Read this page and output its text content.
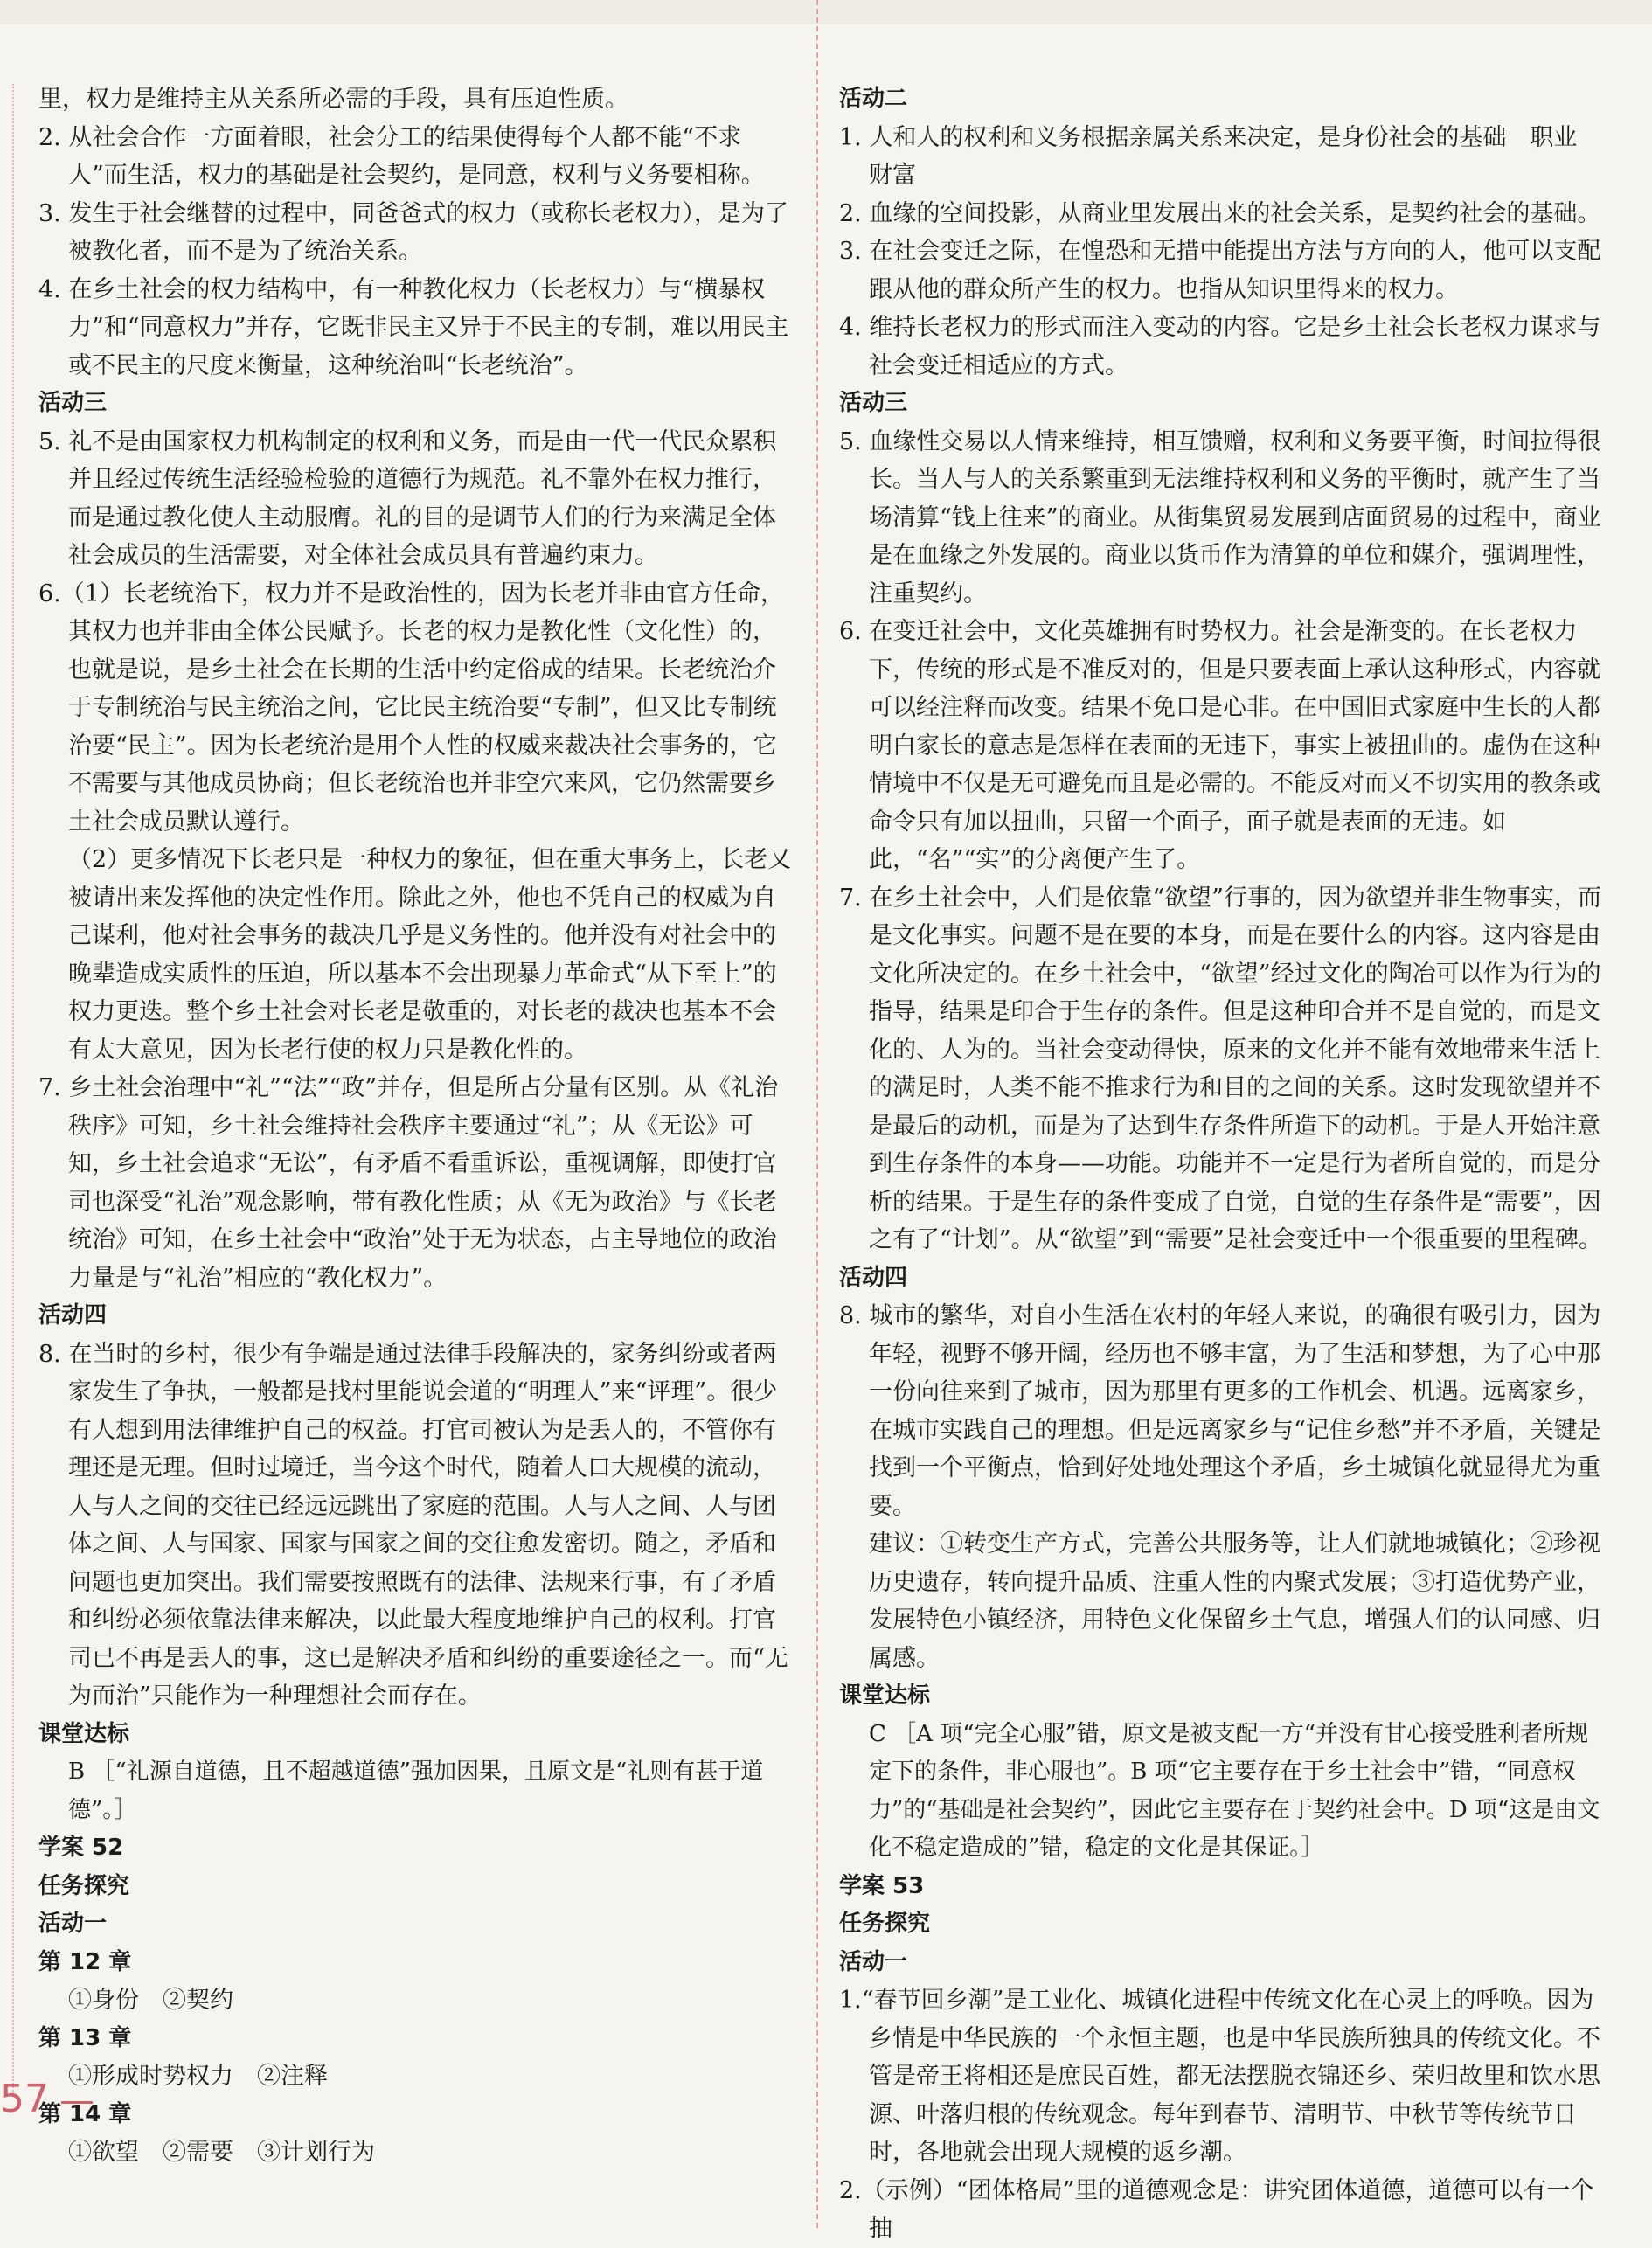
里，权力是维持主从关系所必需的手段，具有压迫性质。

2. 从社会合作一方面着眼，社会分工的结果使得每个人都不能“不求人”而生活，权力的基础是社会契约，是同意，权利与义务要相称。

3. 发生于社会继替的过程中，同爸爸式的权力（或称长老权力），是为了被教化者，而不是为了统治关系。

4. 在乡土社会的权力结构中，有一种教化权力（长老权力）与“横暴权力”和“同意权力”并存，它既非民主又异于不民主的专制，难以用民主或不民主的尺度来衡量，这种统治叫“长老统治”。

活动三

5. 礼不是由国家权力机构制定的权利和义务，而是由一代一代民众累积并且经过传统生活经验检验的道德行为规范。礼不靠外在权力推行，而是通过教化使人主动服膺。礼的目的是调节人们的行为来满足全体社会成员的生活需要，对全体社会成员具有普遍约束力。

6.（1）长老统治下，权力并不是政治性的，因为长老并非由官方任命，其权力也并非由全体公民赋予。长老的权力是教化性（文化性）的，也就是说，是乡土社会在长期的生活中约定俗成的结果。长老统治介于专制统治与民主统治之间，它比民主统治要“专制”，但又比专制统治要“民主”。因为长老统治是用个人性的权威来裁决社会事务的，它不需要与其他成员协商；但长老统治也并非空穴来风，它仍然需要乡土社会成员默认遵行。

（2）更多情况下长老只是一种权力的象征，但在重大事务上，长老又被请出来发挥他的决定性作用。除此之外，他也不凭自己的权威为自己谋利，他对社会事务的裁决几乎是义务性的。他并没有对社会中的晚辈造成实质性的压迫，所以基本不会出现暴力革命式“从下至上”的权力更迭。整个乡土社会对长老是敬重的，对长老的裁决也基本不会有太大意见，因为长老行使的权力只是教化性的。

7. 乡土社会治理中“礼”“法”“政”并存，但是所占分量有区别。从《礼治秩序》可知，乡土社会维持社会秩序主要通过“礼”；从《无讼》可知，乡土社会追求“无讼”，有矛盾不看重诉讼，重视调解，即使打官司也深受“礼治”观念影响，带有教化性质；从《无为政治》与《长老统治》可知，在乡土社会中“政治”处于无为状态，占主导地位的政治力量是与“礼治”相应的“教化权力”。

活动四

8. 在当时的乡村，很少有争端是通过法律手段解决的，家务纠纷或者两家发生了争执，一般都是找村里能说会道的“明理人”来“评理”。很少有人想到用法律维护自己的权益。打官司被认为是丢人的，不管你有理还是无理。但时过境迁，当今这个时代，随着人口大规模的流动，人与人之间的交往已经远远跳出了家庭的范围。人与人之间、人与团体之间、人与国家、国家与国家之间的交往愈发密切。随之，矛盾和问题也更加突出。我们需要按照既有的法律、法规来行事，有了矛盾和纠纷必须依靠法律来解决，以此最大程度地维护自己的权利。打官司已不再是丢人的事，这已是解决矛盾和纠纷的重要途径之一。而“无为而治”只能作为一种理想社会而存在。

课堂达标

B ［“礼源自道德，且不超越道德”强加因果，且原文是“礼则有甚于道德”。］

学案 52

任务探究

活动一

第 12 章

①身份　②契约

第 13 章

①形成时势权力　②注释

第 14 章

①欲望　②需要　③计划行为

活动二

1. 人和人的权利和义务根据亲属关系来决定，是身份社会的基础　职业　财富

2. 血缘的空间投影，从商业里发展出来的社会关系，是契约社会的基础。

3. 在社会变迁之际，在惶恐和无措中能提出方法与方向的人，他可以支配跟从他的群众所产生的权力。也指从知识里得来的权力。

4. 维持长老权力的形式而注入变动的内容。它是乡土社会长老权力谋求与社会变迁相适应的方式。

活动三

5. 血缘性交易以人情来维持，相互馈赠，权利和义务要平衡，时间拉得很长。当人与人的关系繁重到无法维持权利和义务的平衡时，就产生了当场清算“钱上往来”的商业。从街集贸易发展到店面贸易的过程中，商业是在血缘之外发展的。商业以货币作为清算的单位和媒介，强调理性，注重契约。

6. 在变迁社会中，文化英雄拥有时势权力。社会是渐变的。在长老权力下，传统的形式是不准反对的，但是只要表面上承认这种形式，内容就可以经注释而改变。结果不免口是心非。在中国旧式家庭中生长的人都明白家长的意志是怎样在表面的无违下，事实上被扭曲的。虚伪在这种情境中不仅是无可避免而且是必需的。不能反对而又不切实用的教条或命令只有加以扭曲，只留一个面子，面子就是表面的无违。如此，“名”“实”的分离便产生了。

7. 在乡土社会中，人们是依靠“欲望”行事的，因为欲望并非生物事实，而是文化事实。问题不是在要的本身，而是在要什么的内容。这内容是由文化所决定的。在乡土社会中，“欲望”经过文化的陶冶可以作为行为的指导，结果是印合于生存的条件。但是这种印合并不是自觉的，而是文化的、人为的。当社会变动得快，原来的文化并不能有效地带来生活上的满足时，人类不能不推求行为和目的之间的关系。这时发现欲望并不是最后的动机，而是为了达到生存条件所造下的动机。于是人开始注意到生存条件的本身——功能。功能并不一定是行为者所自觉的，而是分析的结果。于是生存的条件变成了自觉，自觉的生存条件是“需要”，因之有了“计划”。从“欲望”到“需要”是社会变迁中一个很重要的里程碑。

活动四

8. 城市的繁华，对自小生活在农村的年轻人来说，的确很有吸引力，因为年轻，视野不够开阔，经历也不够丰富，为了生活和梦想，为了心中那一份向往来到了城市，因为那里有更多的工作机会、机遇。远离家乡，在城市实践自己的理想。但是远离家乡与“记住乡愁”并不矛盾，关键是找到一个平衡点，恰到好处地处理这个矛盾，乡土城镇化就显得尤为重要。

建议：①转变生产方式，完善公共服务等，让人们就地城镇化；②珍视历史遗存，转向提升品质、注重人性的内聚式发展；③打造优势产业，发展特色小镇经济，用特色文化保留乡土气息，增强人们的认同感、归属感。

课堂达标

C ［A 项“完全心服”错，原文是被支配一方“并没有甘心接受胜利者所规定下的条件，非心服也”。B 项“它主要存在于乡土社会中”错，“同意权力”的“基础是社会契约”，因此它主要存在于契约社会中。D 项“这是由文化不稳定造成的”错，稳定的文化是其保证。］

学案 53

任务探究

活动一

1.“春节回乡潮”是工业化、城镇化进程中传统文化在心灵上的呼唤。因为乡情是中华民族的一个永恒主题，也是中华民族所独具的传统文化。不管是帝王将相还是庶民百姓，都无法摆脱衣锦还乡、荣归故里和饮水思源、叶落归根的传统观念。每年到春节、清明节、中秋节等传统节日时，各地就会出现大规模的返乡潮。

2.（示例）“团体格局”里的道德观念是：讲究团体道德，道德可以有一个抽

57
